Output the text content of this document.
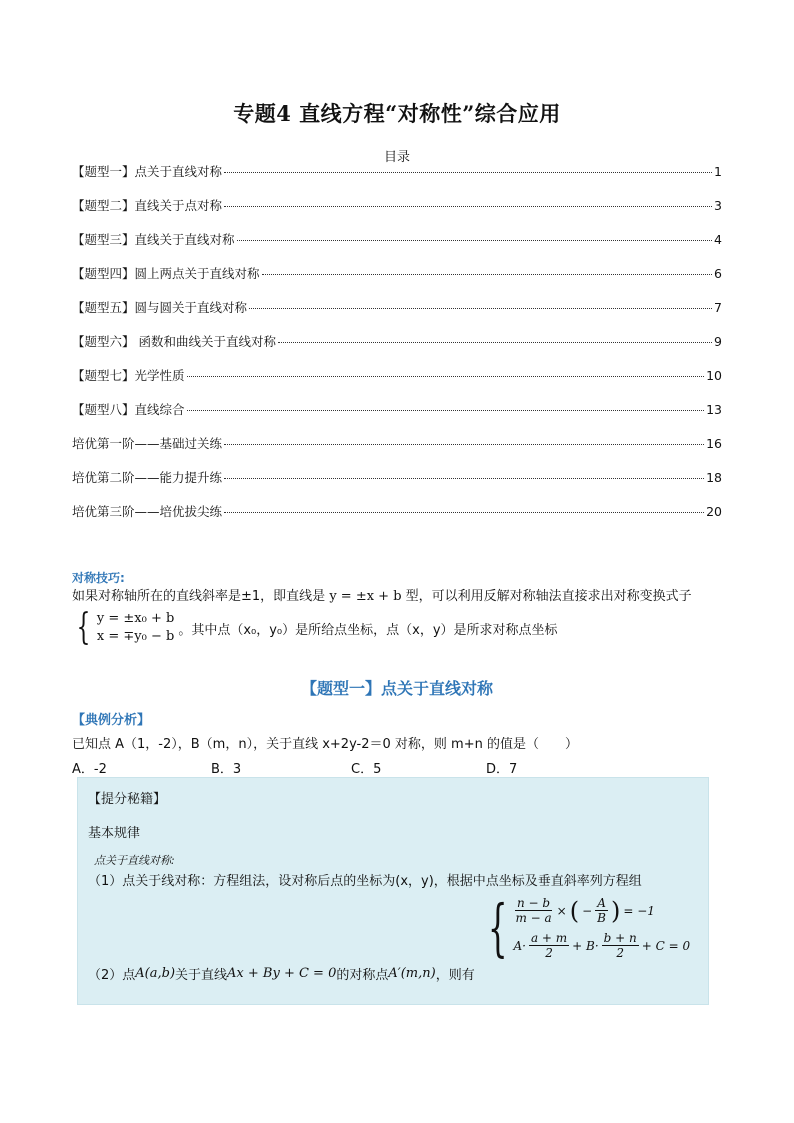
专题4 直线方程“对称性”综合应用
目录
【题型一】点关于直线对称	1
【题型二】直线关于点对称	3
【题型三】直线关于直线对称	4
【题型四】圆上两点关于直线对称	6
【题型五】圆与圆关于直线对称	7
【题型六】 函数和曲线关于直线对称	9
【题型七】光学性质	10
【题型八】直线综合	13
培优第一阶——基础过关练	16
培优第二阶——能力提升练	18
培优第三阶——培优拔尖练	20
对称技巧:
如果对称轴所在的直线斜率是±1，即直线是 y = ±x + b 型，可以利用反解对称轴法直接求出对称变换式子
{ y = ±x₀ + b
x = ∓y₀ − b 。其中点（x₀，y₀）是所给点坐标，点（x，y）是所求对称点坐标
【题型一】点关于直线对称
【典例分析】
已知点 A（1，-2），B（m，n），关于直线 x+2y-2＝0 对称，则 m+n 的值是（　　）
A．-2	B．3	C．5	D．7
【提分秘籍】
基本规律
点关于直线对称:
（1）点关于线对称：方程组法，设对称后点的坐标为(x，y)，根据中点坐标及垂直斜率列方程组
{ $\frac{n - b}{m - a}$ × ( − $\frac{A}{B}$ ) = −1
$A\cdot \frac{a + m}{2} + B\cdot \frac{b + n}{2} + C = 0$
（2）点 A(a,b) 关于直线 Ax + By + C = 0 的对称点 A′(m,n) ，则有
